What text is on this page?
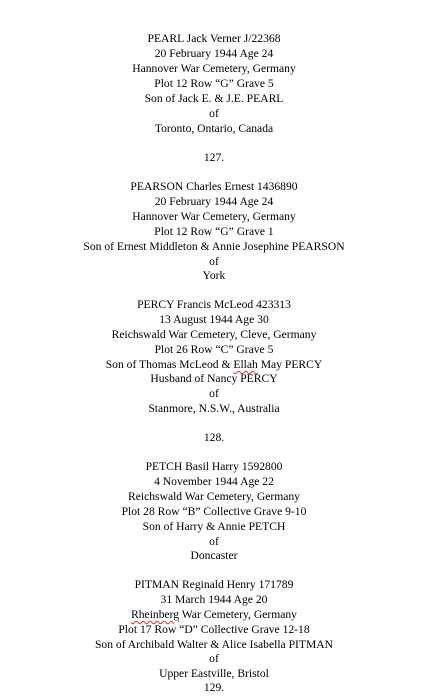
PEARL Jack Verner J/22368
20 February 1944 Age 24
Hannover War Cemetery, Germany
Plot 12 Row “G” Grave 5
Son of Jack E. & J.E. PEARL
of
Toronto, Ontario, Canada
127.
PEARSON Charles Ernest 1436890
20 February 1944 Age 24
Hannover War Cemetery, Germany
Plot 12 Row “G” Grave 1
Son of Ernest Middleton & Annie Josephine PEARSON
of
York
PERCY Francis McLeod 423313
13 August 1944 Age 30
Reichswald War Cemetery, Cleve, Germany
Plot 26 Row “C” Grave 5
Son of Thomas McLeod & Ellah May PERCY
Husband of Nancy PERCY
of
Stanmore, N.S.W., Australia
128.
PETCH Basil Harry 1592800
4 November 1944 Age 22
Reichswald War Cemetery, Germany
Plot 28 Row “B” Collective Grave 9-10
Son of Harry & Annie PETCH
of
Doncaster
PITMAN Reginald Henry 171789
31 March 1944 Age 20
Rheinberg War Cemetery, Germany
Plot 17 Row “D” Collective Grave 12-18
Son of Archibald Walter & Alice Isabella PITMAN
of
Upper Eastville, Bristol
129.
